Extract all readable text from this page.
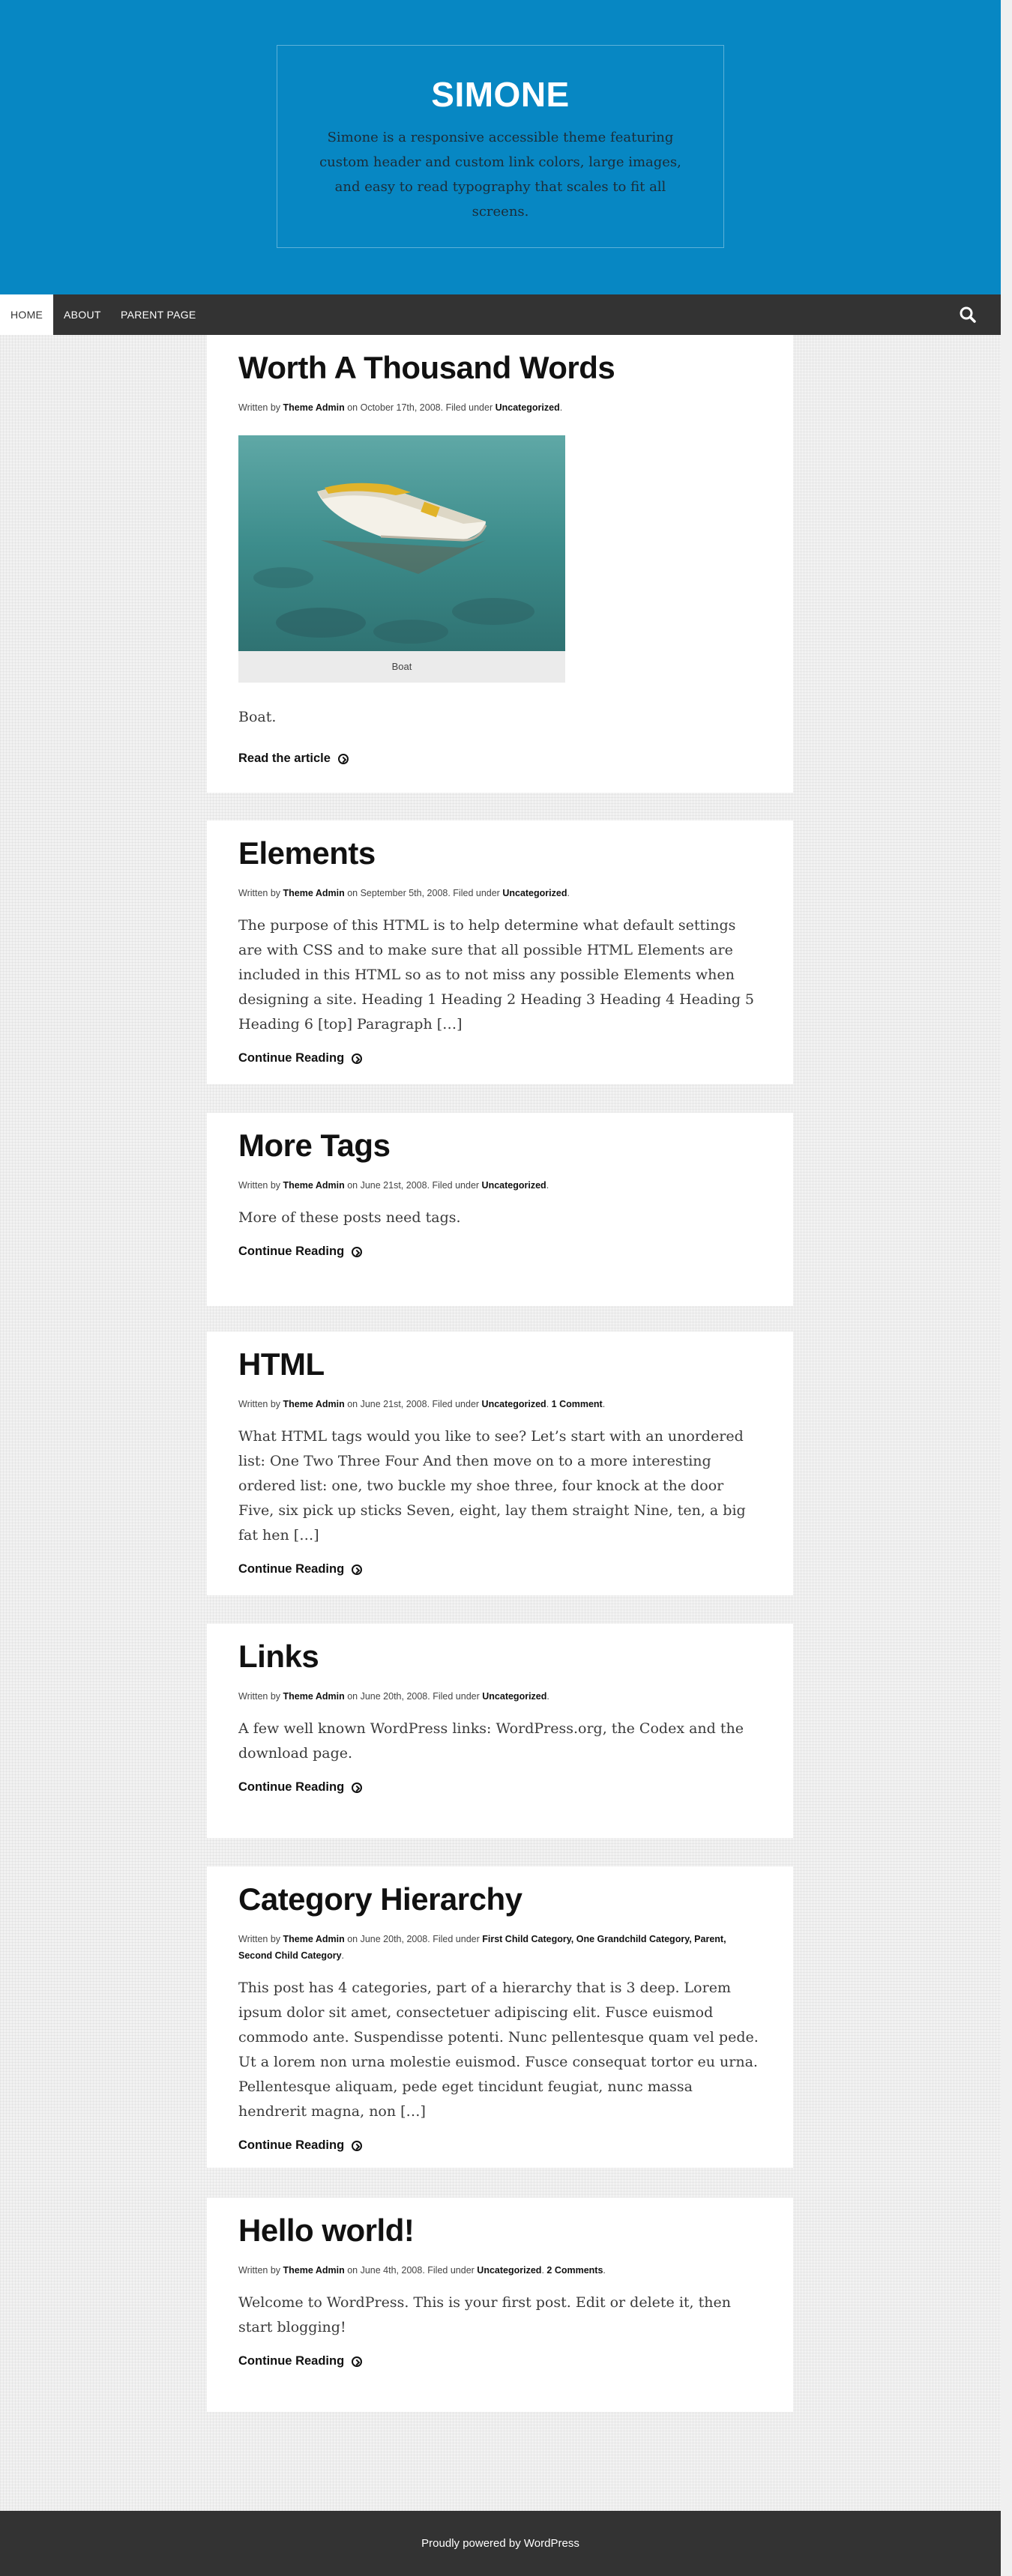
SIMONE

Simone is a responsive accessible theme featuring custom header and custom link colors, large images, and easy to read typography that scales to fit all screens.

HOME	ABOUT PARENT PAGE
Worth A Thousand Words
Written by Theme Admin on October 17th, 2008. Filed under Uncategorized.
Boat

Boat.

Read the article
Elements
Written by Theme Admin on September 5th, 2008. Filed under Uncategorized.

The purpose of this HTML is to help determine what default settings are with CSS and to make sure that all possible HTML Elements are included in this HTML so as to not miss any possible Elements when designing a site. Heading 1 Heading 2 Heading 3 Heading 4 Heading 5 Heading 6 [top] Paragraph […]

Continue Reading
More Tags
Written by Theme Admin on June 21st, 2008. Filed under Uncategorized.

More of these posts need tags.

Continue Reading
HTML
Written by Theme Admin on June 21st, 2008. Filed under Uncategorized. 1 Comment.

What HTML tags would you like to see? Let’s start with an unordered list: One Two Three Four And then move on to a more interesting ordered list: one, two buckle my shoe three, four knock at the door Five, six pick up sticks Seven, eight, lay them straight Nine, ten, a big fat hen […]

Continue Reading
Links
Written by Theme Admin on June 20th, 2008. Filed under Uncategorized.

A few well known WordPress links: WordPress.org, the Codex and the download page.

Continue Reading
Category Hierarchy
Written by Theme Admin on June 20th, 2008. Filed under First Child Category, One Grandchild Category, Parent, Second Child Category.

This post has 4 categories, part of a hierarchy that is 3 deep. Lorem ipsum dolor sit amet, consectetuer adipiscing elit. Fusce euismod commodo ante. Suspendisse potenti. Nunc pellentesque quam vel pede. Ut a lorem non urna molestie euismod. Fusce consequat tortor eu urna. Pellentesque aliquam, pede eget tincidunt feugiat, nunc massa hendrerit magna, non […]

Continue Reading
Hello world!
Written by Theme Admin on June 4th, 2008. Filed under Uncategorized. 2 Comments.

Welcome to WordPress. This is your first post. Edit or delete it, then start blogging!

Continue Reading
Proudly powered by WordPress
